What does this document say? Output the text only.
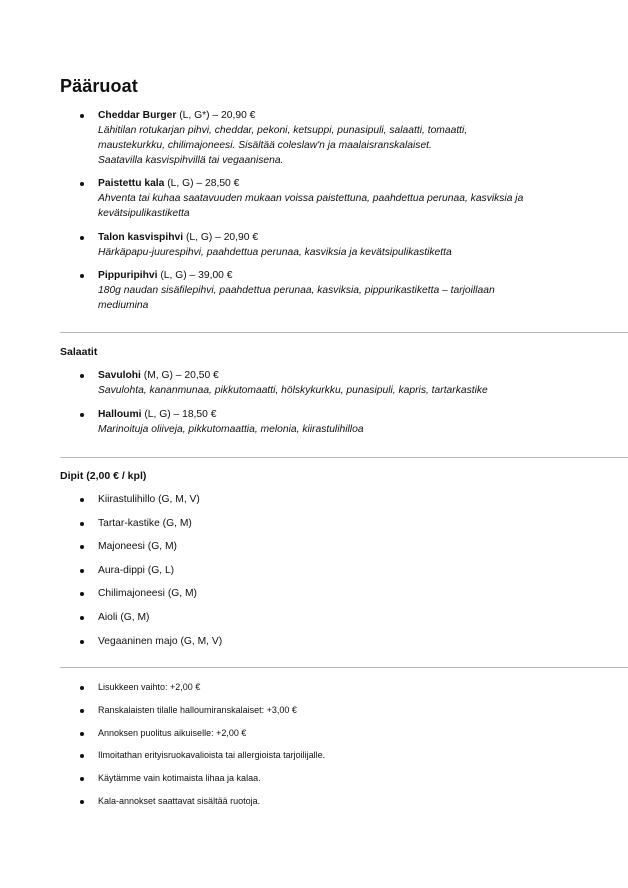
Pääruoat
Cheddar Burger (L, G*) – 20,90 €
Lähitilan rotukarjan pihvi, cheddar, pekoni, ketsuppi, punasipuli, salaatti, tomaatti,
maustekurkku, chilimajoneesi. Sisältää coleslaw'n ja maalaisranskalaiset.
Saatavilla kasvispihvillä tai vegaanisena.
Paistettu kala (L, G) – 28,50 €
Ahventa tai kuhaa saatavuuden mukaan voissa paistettuna, paahdettua perunaa, kasviksia ja
kevätsipulikastiketta
Talon kasvispihvi (L, G) – 20,90 €
Härkäpapu-juurespihvi, paahdettua perunaa, kasviksia ja kevätsipulikastiketta
Pippuripihvi (L, G) – 39,00 €
180g naudan sisäfilepihvi, paahdettua perunaa, kasviksia, pippurikastiketta – tarjoillaan
mediumina
Salaatit
Savulohi (M, G) – 20,50 €
Savulohta, kananmunaa, pikkutomaatti, hölskykurkku, punasipuli, kapris, tartarkastike
Halloumi (L, G) – 18,50 €
Marinoituja oliiveja, pikkutomaattia, melonia, kiirastulihilloa
Dipit (2,00 € / kpl)
Kiirastulihillo (G, M, V)
Tartar-kastike (G, M)
Majoneesi (G, M)
Aura-dippi (G, L)
Chilimajoneesi (G, M)
Aioli (G, M)
Vegaaninen majo (G, M, V)
Lisukkeen vaihto: +2,00 €
Ranskalaisten tilalle halloumiranskalaiset: +3,00 €
Annoksen puolitus aikuiselle: +2,00 €
Ilmoitathan erityisruokavalioista tai allergioista tarjoilijalle.
Käytämme vain kotimaista lihaa ja kalaa.
Kala-annokset saattavat sisältää ruotoja.
